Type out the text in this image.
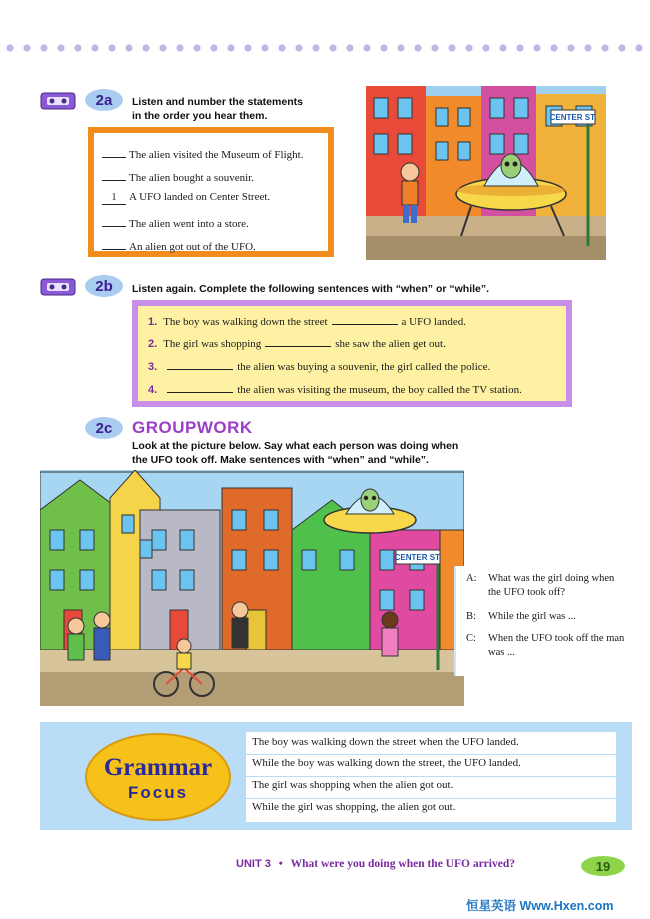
2a Listen and number the statements
in the order you hear them.
The alien visited the Museum of Flight.
The alien bought a souvenir.
1 A UFO landed on Center Street.
The alien went into a store.
An alien got out of the UFO.
CENTER ST.
2b Listen again. Complete the following sentences with “when” or “while”.
1. The boy was walking down the street	a UFO landed.
2. The girl was shopping	she saw the alien get out.
3.	the alien was buying a souvenir, the girl called the police.
4.	the alien was visiting the museum, the boy called the TV station.
2c GROUPWORK
Look at the picture below. Say what each person was doing when
the UFO took off. Make sentences with “when” and “while”.
CENTER ST.
A: What was the girl doing when the UFO took off?
B: While the girl was ...
C: When the UFO took off the man was ...
Grammar
Focus
The boy was walking down the street when the UFO landed.
While the boy was walking down the street, the UFO landed.
The girl was shopping when the alien got out.
While the girl was shopping, the alien got out.
UNIT 3 • What were you doing when the UFO arrived?	19
恒星英语 Www.Hxen.com
